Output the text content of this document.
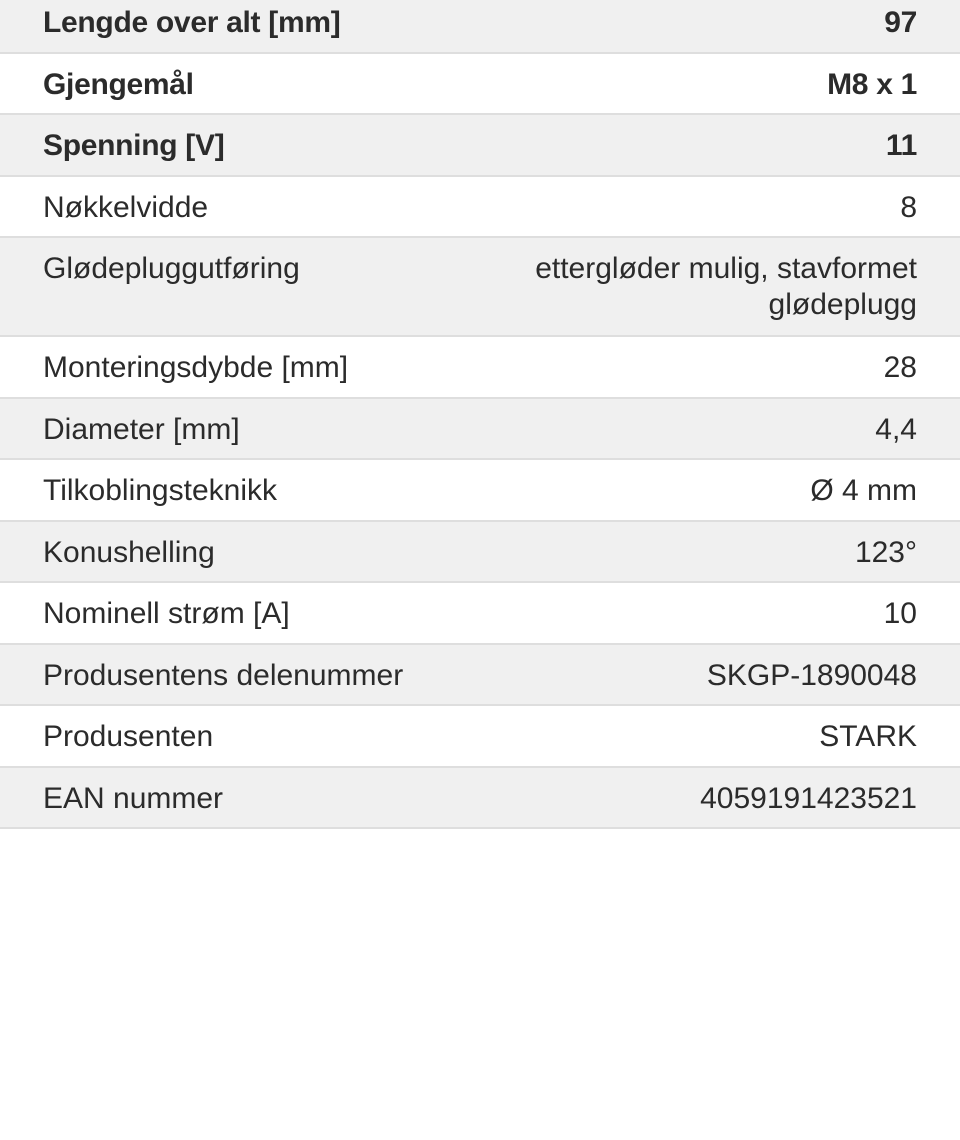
Lengde over alt [mm]	97
Gjengemål	M8 x 1
Spenning [V]	11
Nøkkelvidde	8
Glødepluggutføring	ettergløder mulig, stavformet glødeplugg
Monteringsdybde [mm]	28
Diameter [mm]	4,4
Tilkoblingsteknikk	Ø 4 mm
Konushelling	123°
Nominell strøm [A]	10
Produsentens delenummer	SKGP-1890048
Produsenten	STARK
EAN nummer	4059191423521
